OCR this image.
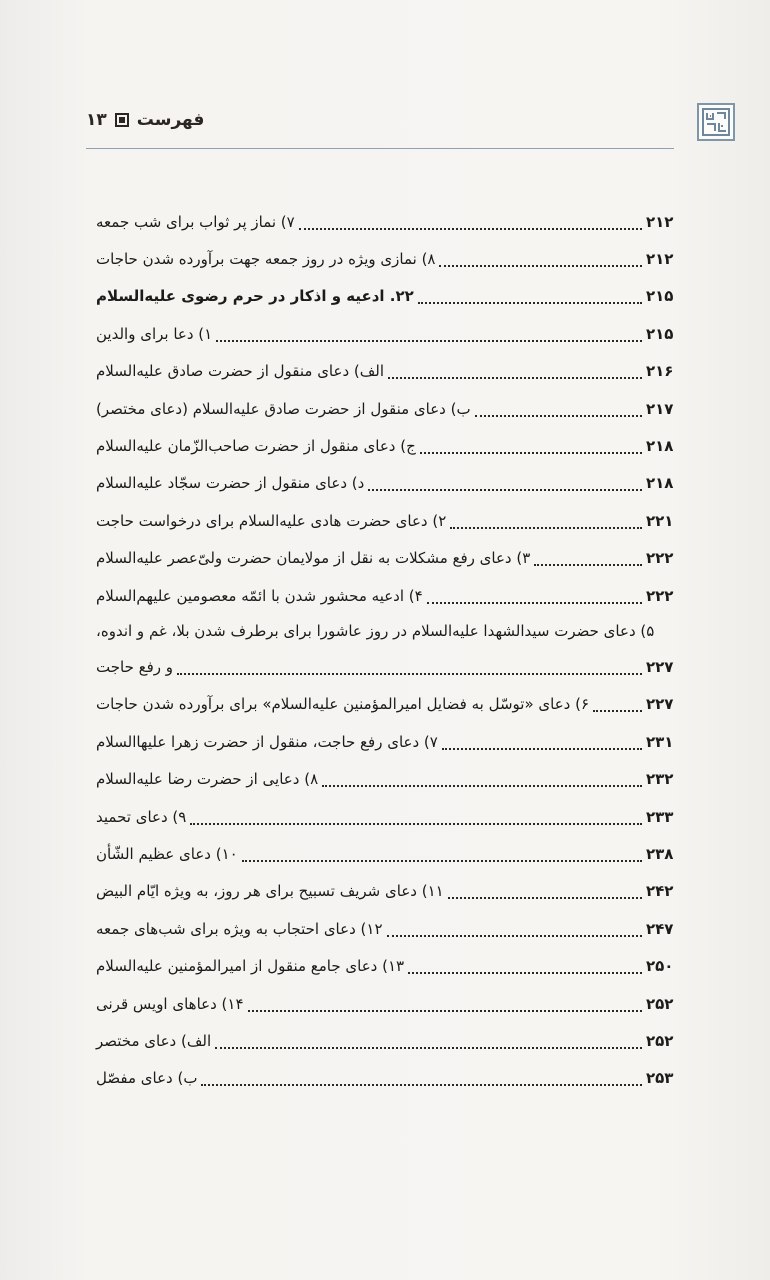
فهرست
۱۳
۷) نماز پر ثواب برای شب جمعه	۲۱۲
۸) نمازی ویژه در روز جمعه جهت برآورده شدن حاجات	۲۱۲
۲۲. ادعیه و اذکار در حرم رضوی علیه‌السلام	۲۱۵
۱) دعا برای والدین	۲۱۵
الف) دعای منقول از حضرت صادق علیه‌السلام	۲۱۶
ب) دعای منقول از حضرت صادق علیه‌السلام (دعای مختصر)	۲۱۷
ج) دعای منقول از حضرت صاحب‌الزّمان علیه‌السلام	۲۱۸
د) دعای منقول از حضرت سجّاد علیه‌السلام	۲۱۸
۲) دعای حضرت هادی علیه‌السلام برای درخواست حاجت	۲۲۱
۳) دعای رفع مشکلات به نقل از مولایمان حضرت ولیّ‌عصر علیه‌السلام	۲۲۲
۴) ادعیه محشور شدن با ائمّه معصومین علیهم‌السلام	۲۲۲
۵) دعای حضرت سیدالشهدا علیه‌السلام در روز عاشورا برای برطرف شدن بلا، غم و اندوه،
و رفع حاجت	۲۲۷
۶) دعای «توسّل به فضایل امیرالمؤمنین علیه‌السلام» برای برآورده شدن حاجات	۲۲۷
۷) دعای رفع حاجت، منقول از حضرت زهرا علیهاالسلام	۲۳۱
۸) دعایی از حضرت رضا علیه‌السلام	۲۳۲
۹) دعای تحمید	۲۳۳
۱۰) دعای عظیم الشّأن	۲۳۸
۱۱) دعای شریف تسبیح برای هر روز، به ویژه ایّام البیض	۲۴۲
۱۲) دعای احتجاب به ویژه برای شب‌های جمعه	۲۴۷
۱۳) دعای جامع منقول از امیرالمؤمنین علیه‌السلام	۲۵۰
۱۴) دعاهای اویس قرنی	۲۵۲
الف) دعای مختصر	۲۵۲
ب) دعای مفصّل	۲۵۳
